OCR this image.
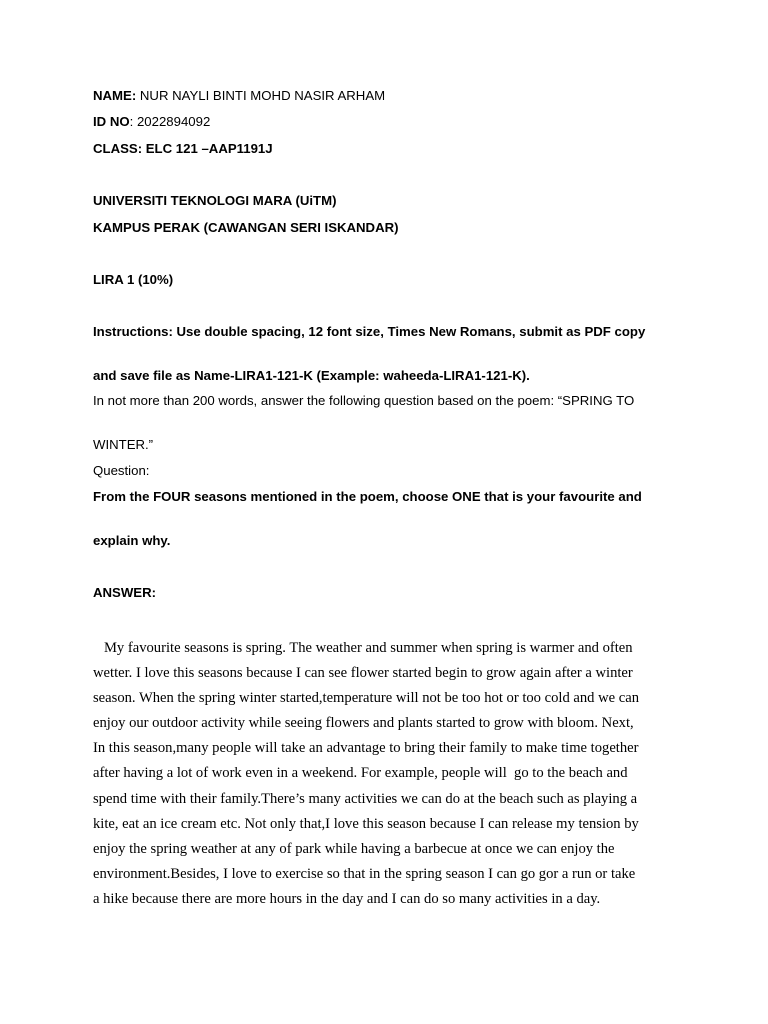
NAME: NUR NAYLI BINTI MOHD NASIR ARHAM

ID NO: 2022894092

CLASS: ELC 121 –AAP1191J

UNIVERSITI TEKNOLOGI MARA (UiTM)

KAMPUS PERAK (CAWANGAN SERI ISKANDAR)

LIRA 1 (10%)

Instructions: Use double spacing, 12 font size, Times New Romans, submit as PDF copy

and save file as Name-LIRA1-121-K (Example: waheeda-LIRA1-121-K).

In not more than 200 words, answer the following question based on the poem: “SPRING TO

WINTER.”

Question:

From the FOUR seasons mentioned in the poem, choose ONE that is your favourite and

explain why.

ANSWER:

My favourite seasons is spring. The weather and summer when spring is warmer and often
wetter. I love this seasons because I can see flower started begin to grow again after a winter
season. When the spring winter started,temperature will not be too hot or too cold and we can
enjoy our outdoor activity while seeing flowers and plants started to grow with bloom. Next,
In this season,many people will take an advantage to bring their family to make time together
after having a lot of work even in a weekend. For example, people will  go to the beach and
spend time with their family.There’s many activities we can do at the beach such as playing a
kite, eat an ice cream etc. Not only that,I love this season because I can release my tension by
enjoy the spring weather at any of park while having a barbecue at once we can enjoy the
environment.Besides, I love to exercise so that in the spring season I can go gor a run or take
a hike because there are more hours in the day and I can do so many activities in a day.
